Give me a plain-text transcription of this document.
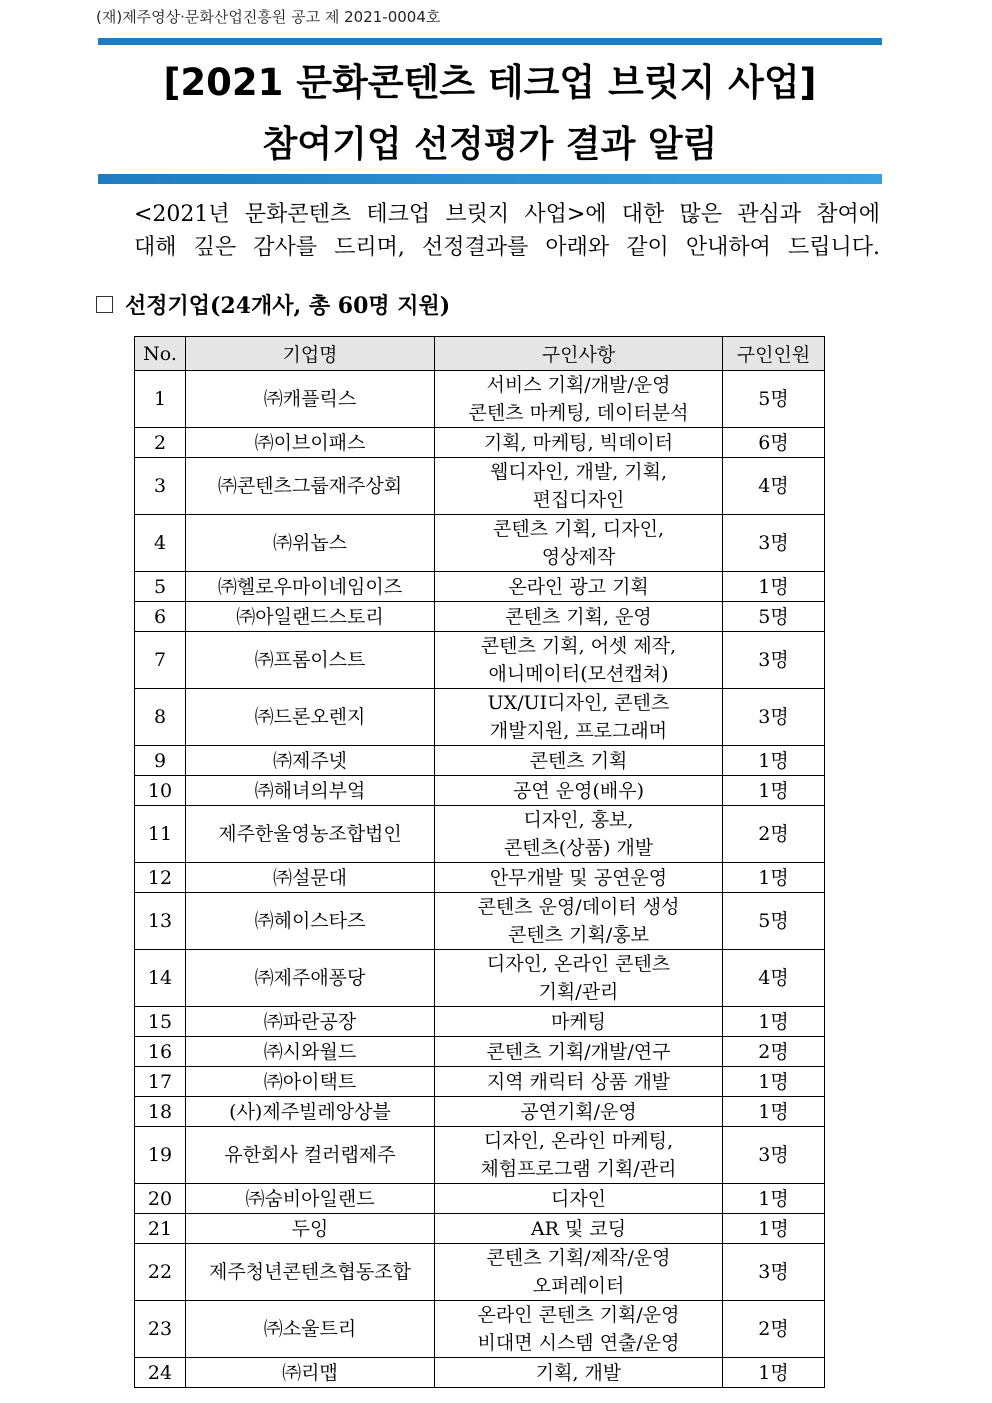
(재)제주영상·문화산업진흥원 공고 제 2021-0004호
[2021 문화콘텐츠 테크업 브릿지 사업]
참여기업 선정평가 결과 알림
<2021년 문화콘텐츠 테크업 브릿지 사업>에 대한 많은 관심과 참여에
대해 깊은 감사를 드리며, 선정결과를 아래와 같이 안내하여 드립니다.
선정기업(24개사, 총 60명 지원)
No.	기업명	구인사항	구인인원
1	㈜캐플릭스	서비스 기획/개발/운영
콘텐츠 마케팅, 데이터분석	5명
2	㈜이브이패스	기획, 마케팅, 빅데이터	6명
3	㈜콘텐츠그룹재주상회	웹디자인, 개발, 기획,
편집디자인	4명
4	㈜위놉스	콘텐츠 기획, 디자인,
영상제작	3명
5	㈜헬로우마이네임이즈	온라인 광고 기획	1명
6	㈜아일랜드스토리	콘텐츠 기획, 운영	5명
7	㈜프롬이스트	콘텐츠 기획, 어셋 제작,
애니메이터(모션캡쳐)	3명
8	㈜드론오렌지	UX/UI디자인, 콘텐츠
개발지원, 프로그래머	3명
9	㈜제주넷	콘텐츠 기획	1명
10	㈜해녀의부엌	공연 운영(배우)	1명
11	제주한울영농조합법인	디자인, 홍보,
콘텐츠(상품) 개발	2명
12	㈜설문대	안무개발 및 공연운영	1명
13	㈜헤이스타즈	콘텐츠 운영/데이터 생성
콘텐츠 기획/홍보	5명
14	㈜제주애퐁당	디자인, 온라인 콘텐츠
기획/관리	4명
15	㈜파란공장	마케팅	1명
16	㈜시와월드	콘텐츠 기획/개발/연구	2명
17	㈜아이택트	지역 캐릭터 상품 개발	1명
18	(사)제주빌레앙상블	공연기획/운영	1명
19	유한회사 컬러랩제주	디자인, 온라인 마케팅,
체험프로그램 기획/관리	3명
20	㈜숨비아일랜드	디자인	1명
21	두잉	AR 및 코딩	1명
22	제주청년콘텐츠협동조합	콘텐츠 기획/제작/운영
오퍼레이터	3명
23	㈜소울트리	온라인 콘텐츠 기획/운영
비대면 시스템 연출/운영	2명
24	㈜리맵	기획, 개발	1명
